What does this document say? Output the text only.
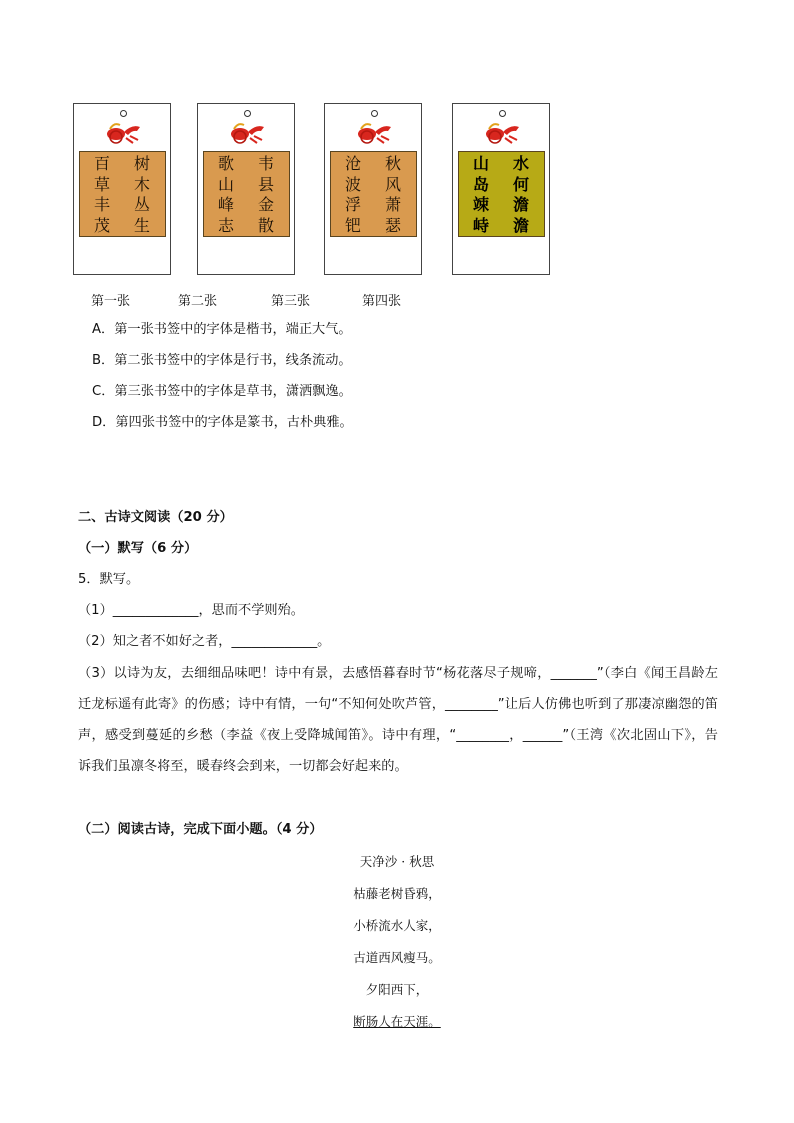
百
草
丰
茂
树
木
丛
生
歌
山
峰
志
韦
县
金
散
沧
波
浮
钯
秋
风
萧
瑟
山
岛
竦
峙
水
何
澹
澹
第一张	第二张	第三张	第四张
A．第一张书签中的字体是楷书，端正大气。
B．第二张书签中的字体是行书，线条流动。
C．第三张书签中的字体是草书，潇洒飘逸。
D．第四张书签中的字体是篆书，古朴典雅。
二、古诗文阅读（20 分）
（一）默写（6 分）
5．默写。
（1）_____________，思而不学则殆。
（2）知之者不如好之者，_____________。
（3）以诗为友，去细细品味吧！诗中有景，去感悟暮春时节“杨花落尽子规啼，_______”（李白《闻王昌龄左迁龙标遥有此寄》的伤感；诗中有情，一句“不知何处吹芦管，________”让后人仿佛也听到了那凄凉幽怨的笛声，感受到蔓延的乡愁（李益《夜上受降城闻笛》。诗中有理，“________，______”（王湾《次北固山下》，告诉我们虽凛冬将至，暖春终会到来，一切都会好起来的。
（二）阅读古诗，完成下面小题。（4 分）
天净沙 · 秋思
枯藤老树昏鸦，
小桥流水人家，
古道西风瘦马。
夕阳西下，
断肠人在天涯。
